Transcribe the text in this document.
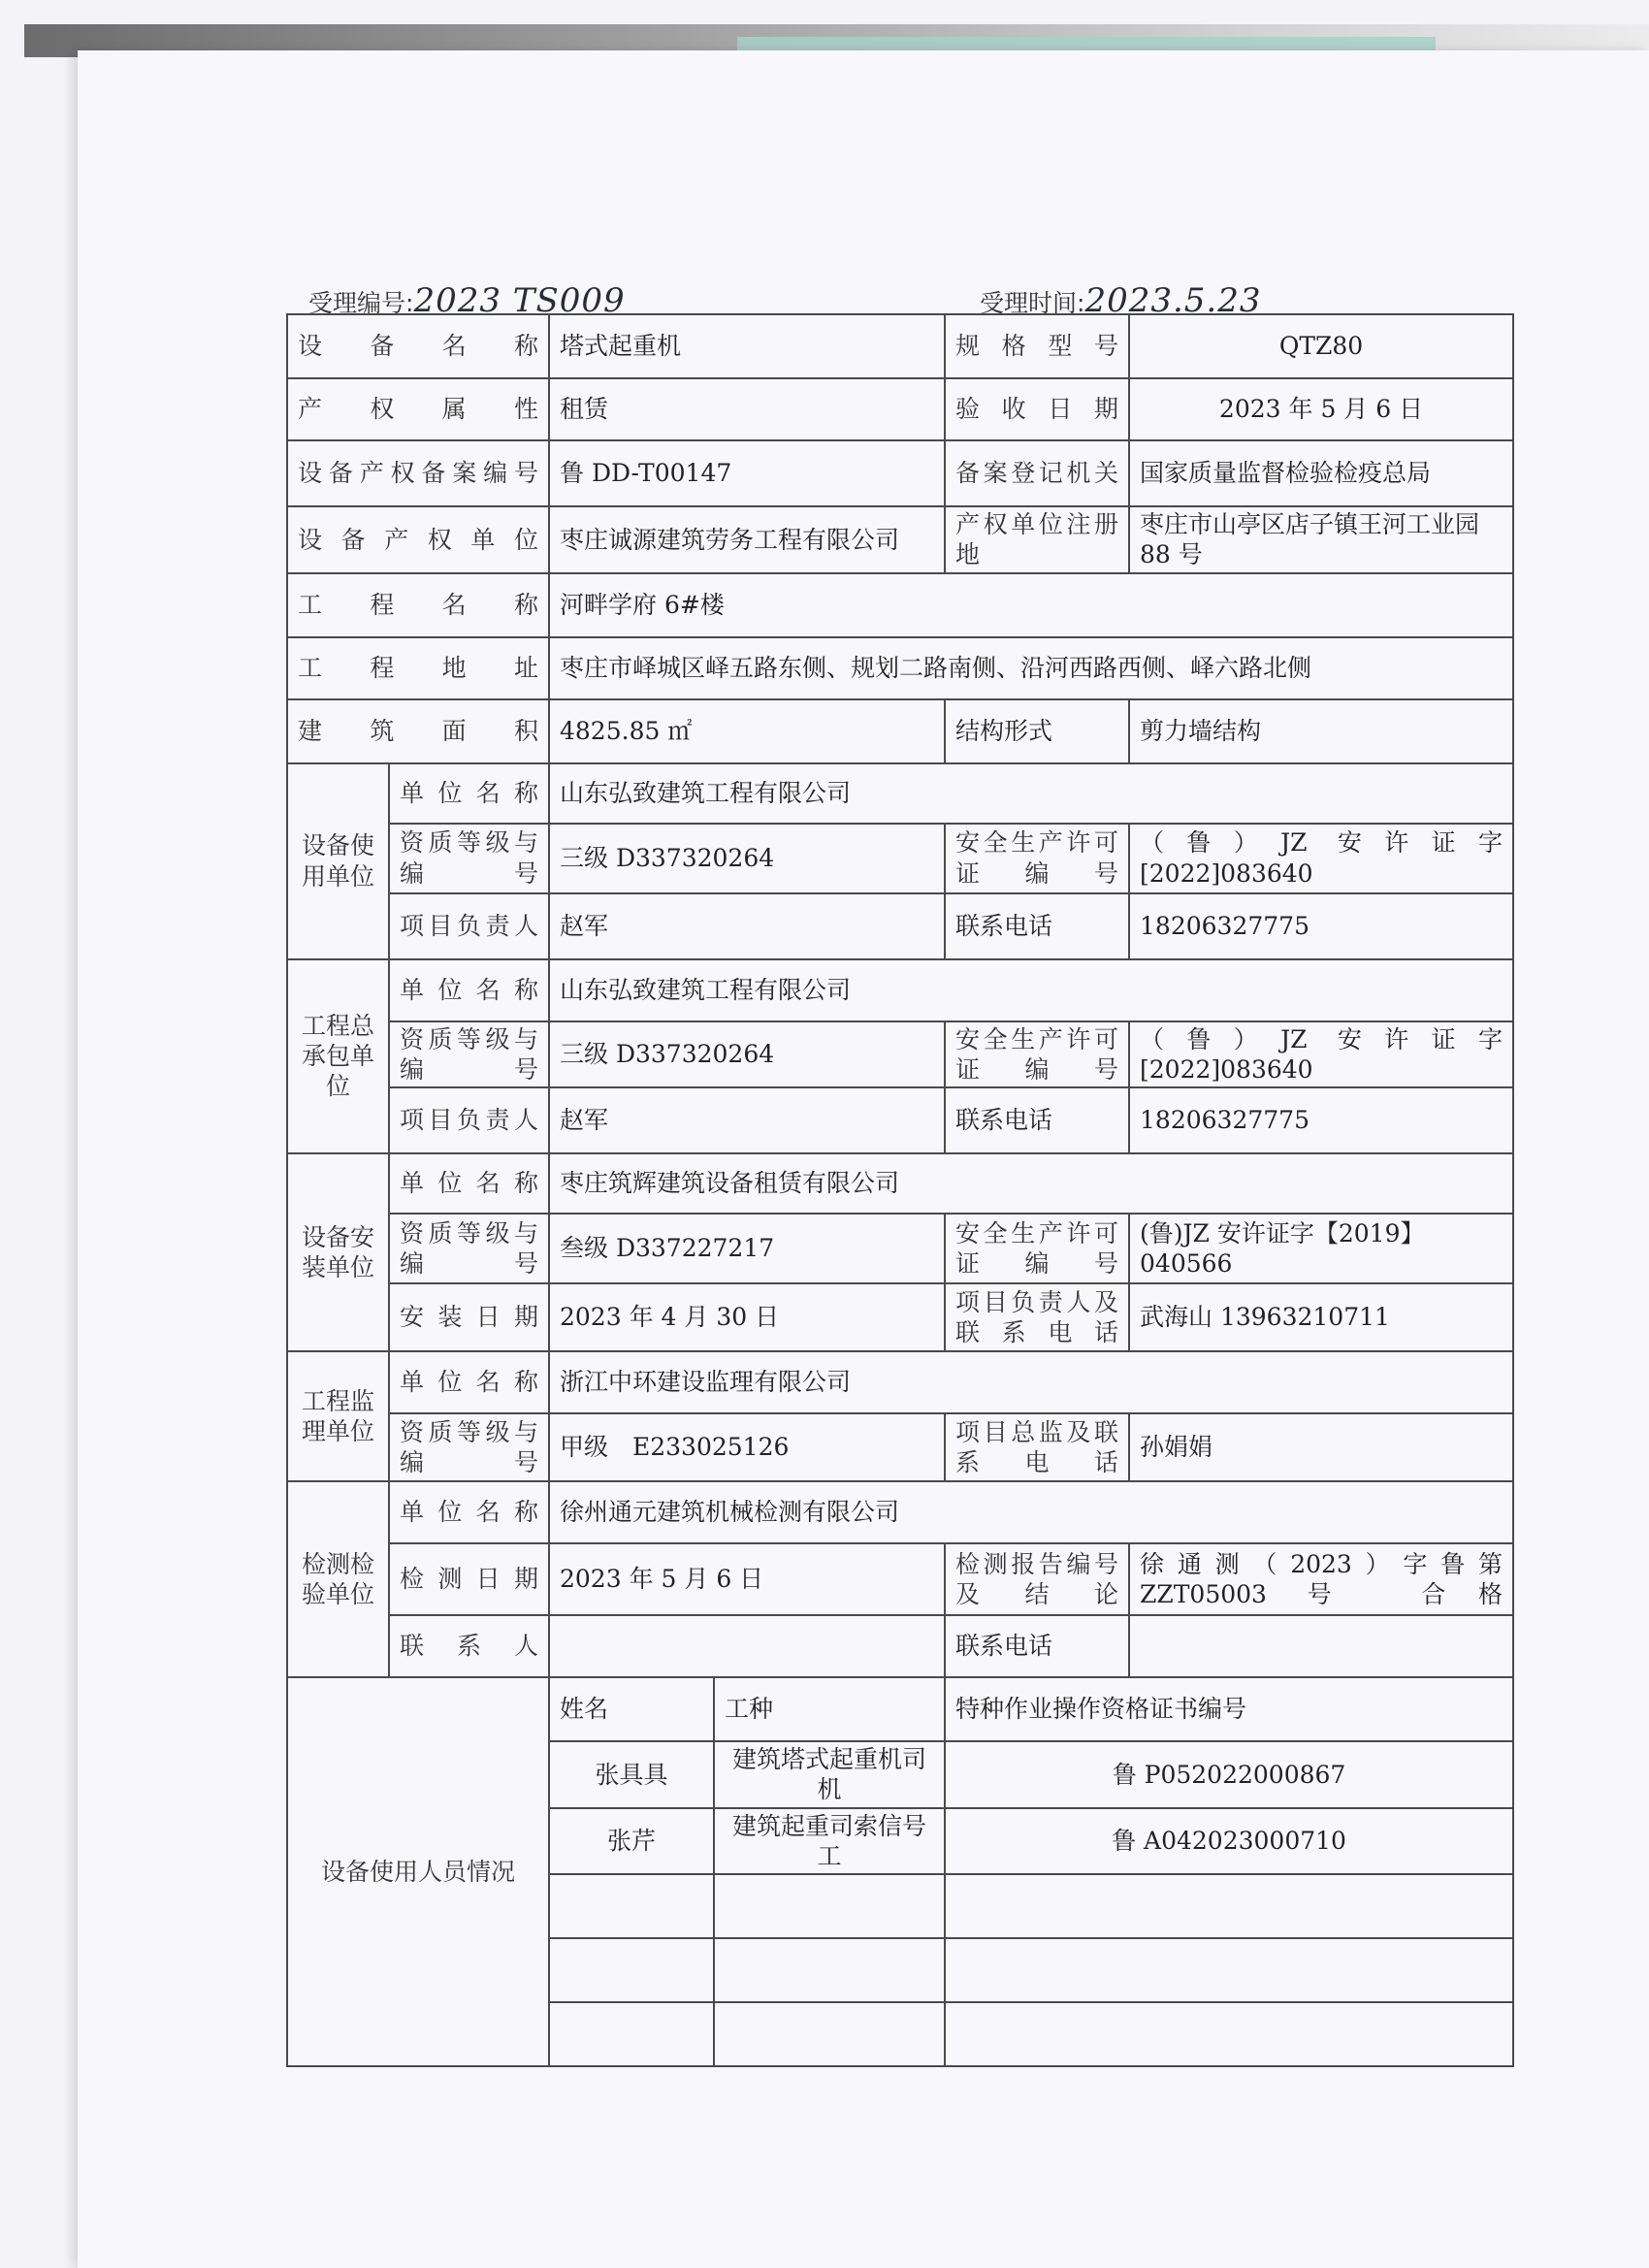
受理编号:2023 TS009	受理时间:2023.5.23
设 备 名 称		塔式起重机		规格型号	QTZ80
产 权 属 性		租赁		验收日期	2023 年 5 月 6 日
设备产权备案编号		鲁 DD-T00147		备案登记机关	国家质量监督检验检疫总局
设备产权单位		枣庄诚源建筑劳务工程有限公司		产权单位注册地	枣庄市山亭区店子镇王河工业园 88 号
工 程 名 称		河畔学府 6#楼			
工 程 地 址		枣庄市峄城区峄五路东侧、规划二路南侧、沿河西路西侧、峄六路北侧			
建 筑 面 积		4825.85 ㎡		结构形式	剪力墙结构
设备使用单位	单位名称	山东弘致建筑工程有限公司			
	资质等级与编号	三级 D337320264		安全生产许可证编号	（鲁）JZ 安许证字[2022]083640
	项目负责人	赵军		联系电话	18206327775
工程总承包单位	单位名称	山东弘致建筑工程有限公司			
	资质等级与编号	三级 D337320264		安全生产许可证编号	（鲁）JZ 安许证字[2022]083640
	项目负责人	赵军		联系电话	18206327775
设备安装单位	单位名称	枣庄筑辉建筑设备租赁有限公司			
	资质等级与编号	叁级 D337227217		安全生产许可证编号	(鲁)JZ 安许证字【2019】040566
	安装日期	2023 年 4 月 30 日		项目负责人及联系电话	武海山 13963210711
工程监理单位	单位名称	浙江中环建设监理有限公司			
	资质等级与编号	甲级　E233025126		项目总监及联系电话	孙娟娟
检测检验单位	单位名称	徐州通元建筑机械检测有限公司			
	检测日期	2023 年 5 月 6 日		检测报告编号及结论	徐通测（2023）字鲁第 ZZT05003 号　合格
	联 系 人			联系电话	
设备使用人员情况		姓名	工种	特种作业操作资格证书编号	
		张具具	建筑塔式起重机司机	鲁 P052022000867	
		张芹	建筑起重司索信号工	鲁 A042023000710	
